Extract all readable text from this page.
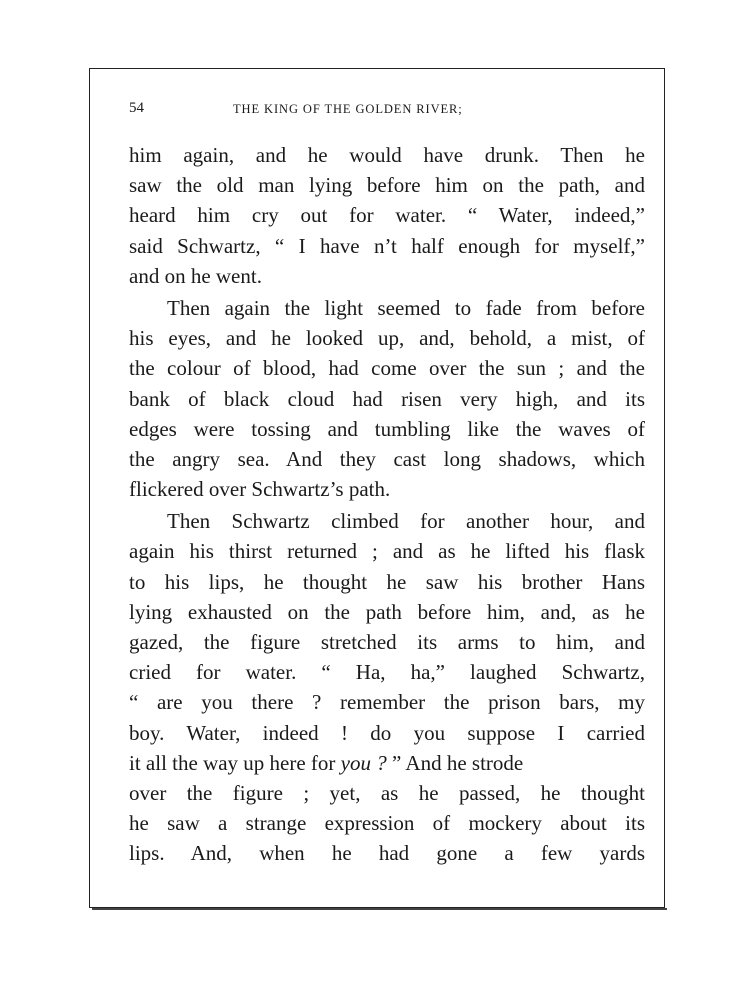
54	THE KING OF THE GOLDEN RIVER;
him again, and he would have drunk. Then he
saw the old man lying before him on the path, and
heard him cry out for water. “ Water, indeed,”
said Schwartz, “ I have n’t half enough for myself,”
and on he went.
Then again the light seemed to fade from before
his eyes, and he looked up, and, behold, a mist, of
the colour of blood, had come over the sun ; and the
bank of black cloud had risen very high, and its
edges were tossing and tumbling like the waves of
the angry sea. And they cast long shadows, which
flickered over Schwartz’s path.
Then Schwartz climbed for another hour, and
again his thirst returned ; and as he lifted his flask
to his lips, he thought he saw his brother Hans
lying exhausted on the path before him, and, as he
gazed, the figure stretched its arms to him, and
cried for water. “ Ha, ha,” laughed Schwartz,
“ are you there ? remember the prison bars, my
boy. Water, indeed ! do you suppose I carried
it all the way up here for you ? ” And he strode
over the figure ; yet, as he passed, he thought
he saw a strange expression of mockery about its
lips. And, when he had gone a few yards
